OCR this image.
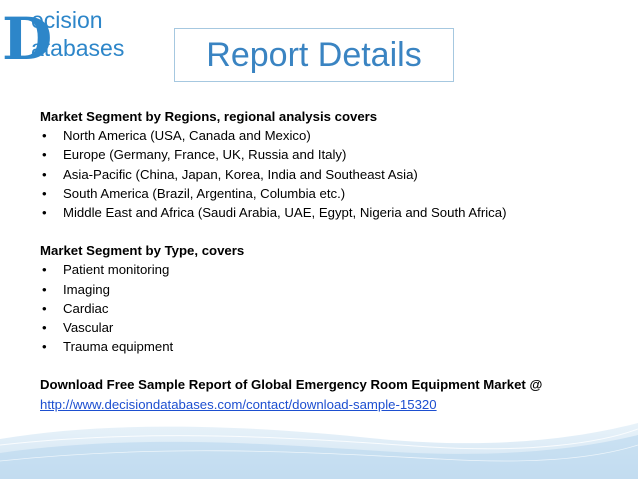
D
ecision
atabases	Report Details
Market Segment by Regions, regional analysis covers
• North America (USA, Canada and Mexico)
• Europe (Germany, France, UK, Russia and Italy)
• Asia-Pacific (China, Japan, Korea, India and Southeast Asia)
• South America (Brazil, Argentina, Columbia etc.)
• Middle East and Africa (Saudi Arabia, UAE, Egypt, Nigeria and South Africa)
Market Segment by Type, covers
• Patient monitoring
• Imaging
• Cardiac
• Vascular
• Trauma equipment
Download Free Sample Report of Global Emergency Room Equipment Market @
http://www.decisiondatabases.com/contact/download-sample-15320
